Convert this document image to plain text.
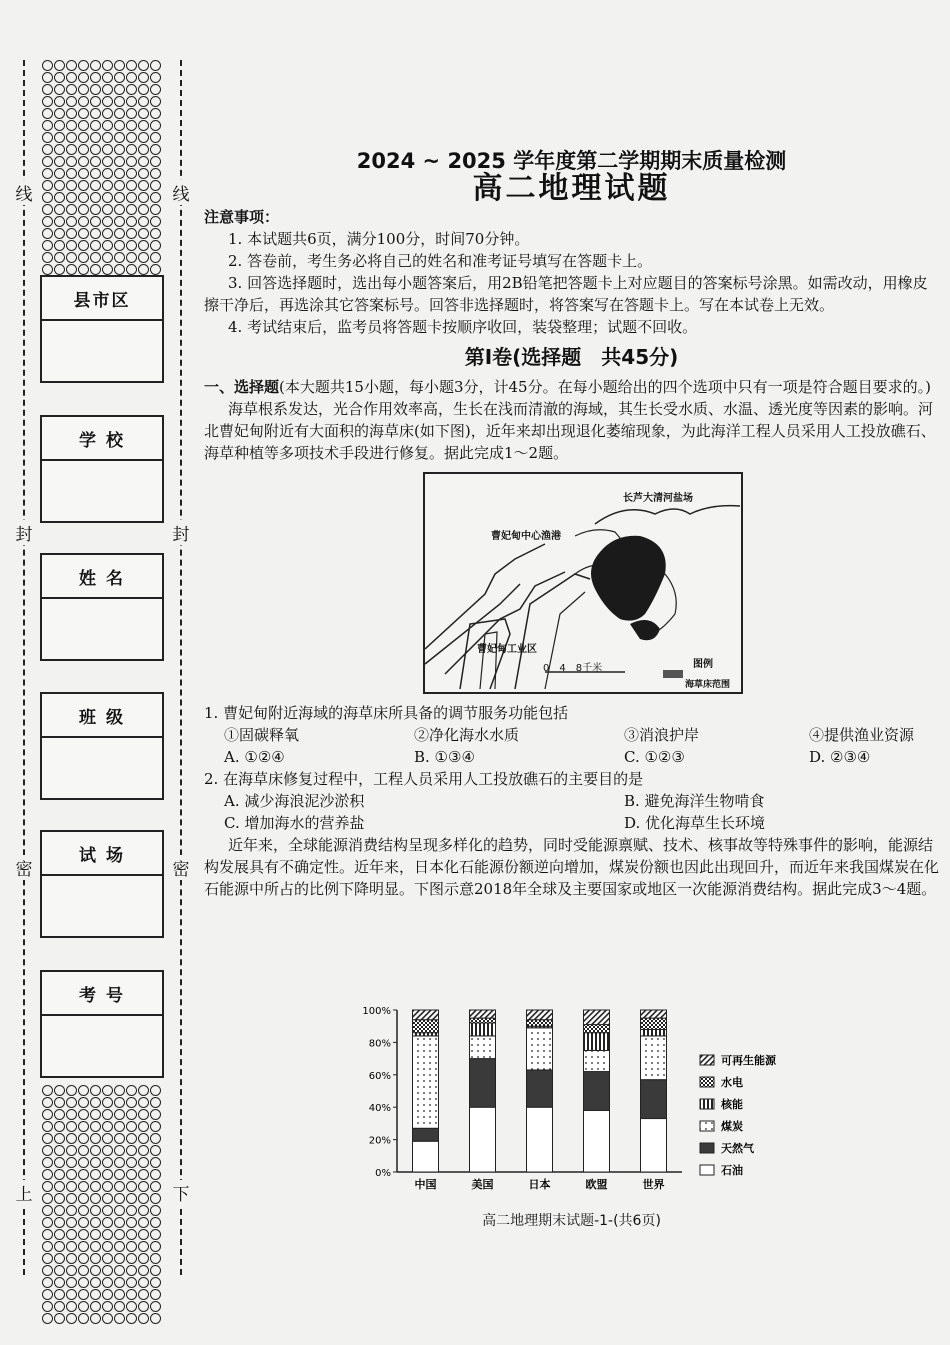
线
封
密
上
线
封
密
下
县市区
学 校
姓 名
班 级
试 场
考 号

2024 ~ 2025 学年度第二学期期末质量检测

高二地理试题

注意事项：

1. 本试题共6页，满分100分，时间70分钟。

2. 答卷前，考生务必将自己的姓名和准考证号填写在答题卡上。

3. 回答选择题时，选出每小题答案后，用2B铅笔把答题卡上对应题目的答案标号涂黑。如需改动，用橡皮擦干净后，再选涂其它答案标号。回答非选择题时，将答案写在答题卡上。写在本试卷上无效。

4. 考试结束后，监考员将答题卡按顺序收回，装袋整理；试题不回收。

第Ⅰ卷(选择题　共45分)

一、选择题(本大题共15小题，每小题3分，计45分。在每小题给出的四个选项中只有一项是符合题目要求的。)

海草根系发达，光合作用效率高，生长在浅而清澈的海域，其生长受水质、水温、透光度等因素的影响。河北曹妃甸附近有大面积的海草床(如下图)，近年来却出现退化萎缩现象，为此海洋工程人员采用人工投放礁石、海草种植等多项技术手段进行修复。据此完成1～2题。

长芦大清河盐场
曹妃甸中心渔港
曹妃甸工业区
0　4　8千米	图例
海草床范围

1. 曹妃甸附近海域的海草床所具备的调节服务功能包括

①固碳释氧	②净化海水水质	③消浪护岸	④提供渔业资源
A. ①②④	B. ①③④	C. ①②③	D. ②③④

2. 在海草床修复过程中，工程人员采用人工投放礁石的主要目的是

A. 减少海浪泥沙淤积	B. 避免海洋生物啃食
C. 增加海水的营养盐	D. 优化海草生长环境

近年来，全球能源消费结构呈现多样化的趋势，同时受能源禀赋、技术、核事故等特殊事件的影响，能源结构发展具有不确定性。近年来，日本化石能源份额逆向增加，煤炭份额也因此出现回升，而近年来我国煤炭在化石能源中所占的比例下降明显。下图示意2018年全球及主要国家或地区一次能源消费结构。据此完成3～4题。

0%
20%
40%
60%
80%
100%
中国	美国	日本	欧盟	世界
可再生能源
水电
核能
煤炭
天然气
石油
高二地理期末试题-1-(共6页)
